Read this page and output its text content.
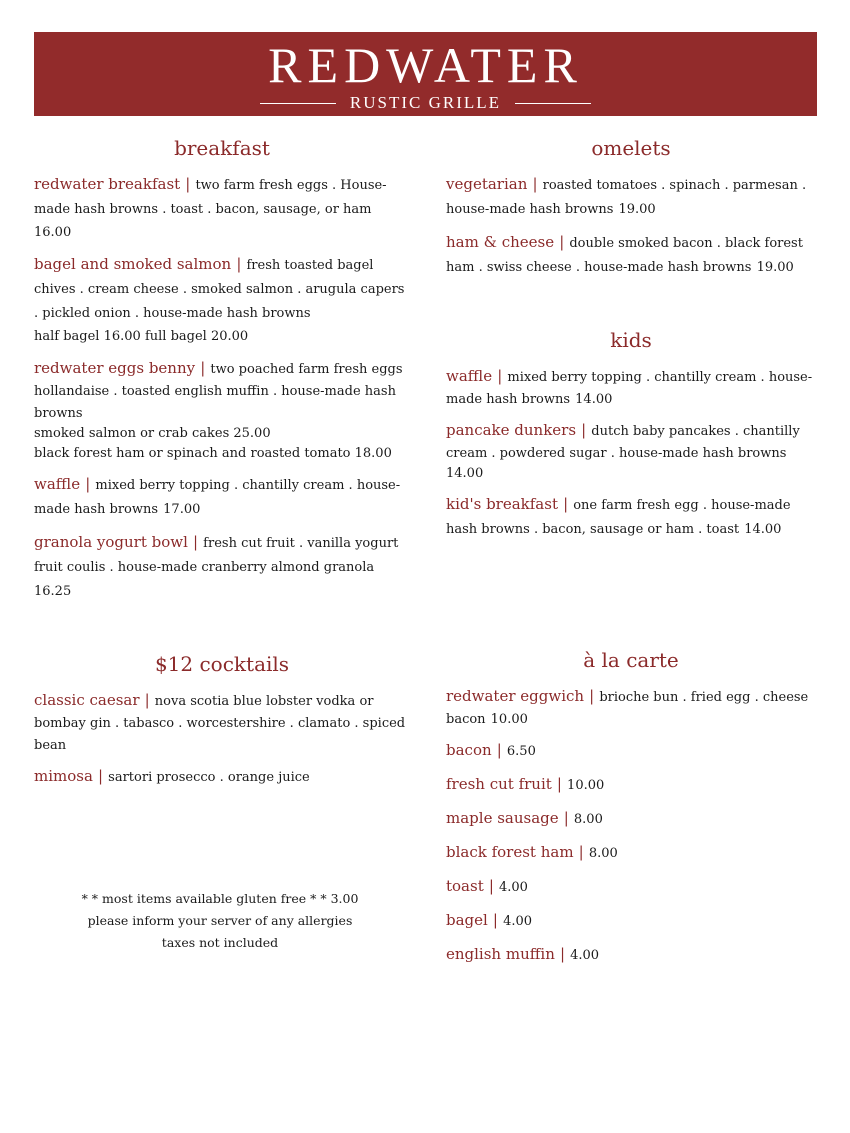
REDWATER
RUSTIC GRILLE
breakfast
redwater breakfast | two farm fresh eggs . House-made hash browns . toast . bacon, sausage, or ham
16.00
bagel and smoked salmon | fresh toasted bagel chives . cream cheese . smoked salmon . arugula capers . pickled onion . house-made hash browns
half bagel 16.00 full bagel 20.00
redwater eggs benny | two poached farm fresh eggs hollandaise . toasted english muffin . house-made hash browns
smoked salmon or crab cakes 25.00
black forest ham or spinach and roasted tomato 18.00
waffle | mixed berry topping . chantilly cream . house-made hash browns 17.00
granola yogurt bowl | fresh cut fruit . vanilla yogurt fruit coulis . house-made cranberry almond granola 16.25
omelets
vegetarian | roasted tomatoes . spinach . parmesan . house-made hash browns 19.00
ham & cheese | double smoked bacon . black forest ham . swiss cheese . house-made hash browns 19.00
kids
waffle | mixed berry topping . chantilly cream . house-made hash browns 14.00
pancake dunkers | dutch baby pancakes . chantilly cream . powdered sugar . house-made hash browns
14.00
kid's breakfast | one farm fresh egg . house-made hash browns . bacon, sausage or ham . toast 14.00
$12 cocktails
classic caesar | nova scotia blue lobster vodka or bombay gin . tabasco . worcestershire . clamato . spiced bean
mimosa | sartori prosecco . orange juice
à la carte
redwater eggwich | brioche bun . fried egg . cheese bacon 10.00
bacon | 6.50
fresh cut fruit | 10.00
maple sausage | 8.00
black forest ham | 8.00
toast | 4.00
bagel | 4.00
english muffin | 4.00
* * most items available gluten free * * 3.00
please inform your server of any allergies
taxes not included
